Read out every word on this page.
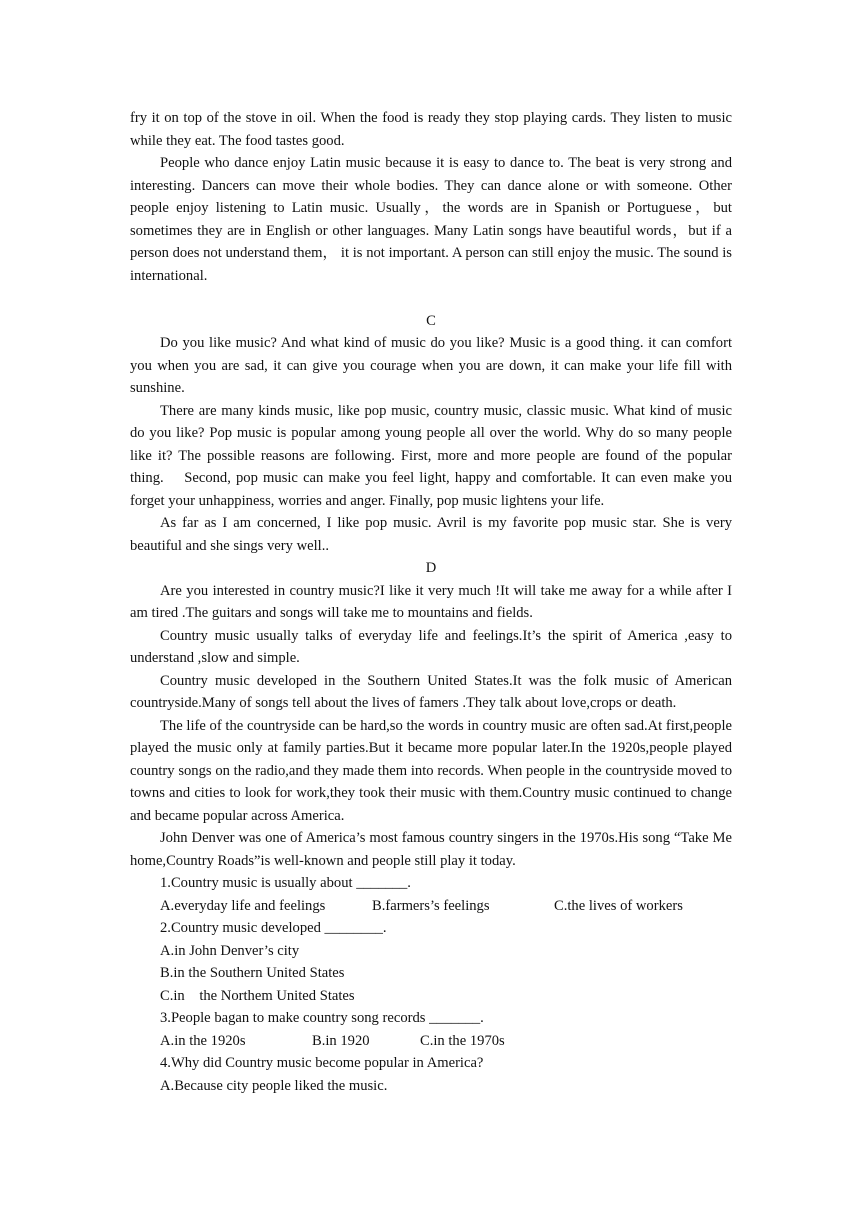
fry it on top of the stove in oil. When the food is ready they stop playing cards. They listen to music while they eat. The food tastes good.

People who dance enjoy Latin music because it is easy to dance to. The beat is very strong and interesting. Dancers can move their whole bodies. They can dance alone or with someone. Other people enjoy listening to Latin music. Usually，the words are in Spanish or Portuguese，but sometimes they are in English or other languages. Many Latin songs have beautiful words，but if a person does not understand them， it is not important. A person can still enjoy the music. The sound is international.

C

Do you like music? And what kind of music do you like? Music is a good thing. it can comfort you when you are sad, it can give you courage when you are down, it can make your life fill with sunshine.

There are many kinds music, like pop music, country music, classic music. What kind of music do you like? Pop music is popular among young people all over the world. Why do so many people like it? The possible reasons are following. First, more and more people are found of the popular thing.    Second, pop music can make you feel light, happy and comfortable. It can even make you forget your unhappiness, worries and anger. Finally, pop music lightens your life.

As far as I am concerned, I like pop music. Avril is my favorite pop music star. She is very beautiful and she sings very well..

D

Are you interested in country music?I like it very much !It will take me away for a while after I am tired .The guitars and songs will take me to mountains and fields.

Country music usually talks of everyday life and feelings.It’s the spirit of America ,easy to understand ,slow and simple.

Country music developed in the Southern United States.It was the folk music of American countryside.Many of songs tell about the lives of famers .They talk about love,crops or death.

The life of the countryside can be hard,so the words in country music are often sad.At first,people played the music only at family parties.But it became more popular later.In the 1920s,people played country songs on the radio,and they made them into records. When people in the countryside moved to towns and cities to look for work,they took their music with them.Country music continued to change and became popular across America.

John Denver was one of America’s most famous country singers in the 1970s.His song “Take Me home,Country Roads”is well-known and people still play it today.

1.Country music is usually about _______.

A.everyday life and feelings	B.farmers’s feelings	C.the lives of workers

2.Country music developed ________.

A.in John Denver’s city

B.in the Southern United States

C.in    the Northem United States

3.People bagan to make country song records _______.

A.in the 1920s	B.in 1920	C.in the 1970s

4.Why did Country music become popular in America?

A.Because city people liked the music.
